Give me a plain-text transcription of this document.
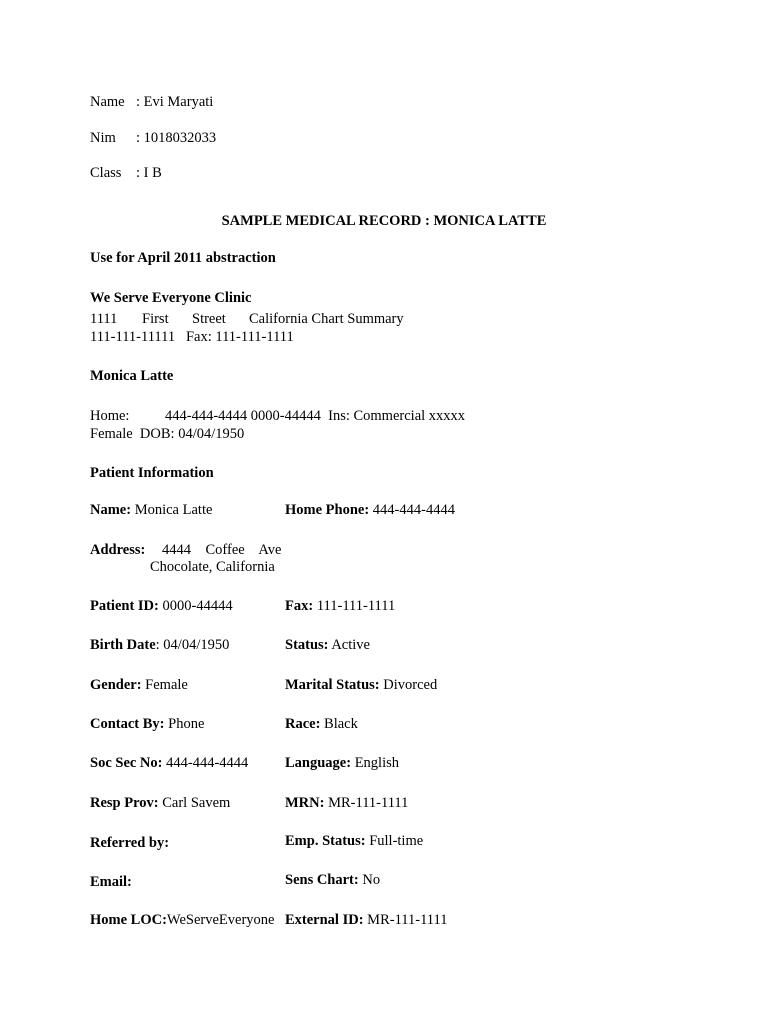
Name : Evi Maryati
Nim : 1018032033
Class : I B
SAMPLE MEDICAL RECORD : MONICA LATTE
Use for April 2011 abstraction
We Serve Everyone Clinic
1111 First Street California Chart Summary
111-111-11111   Fax: 111-111-1111
Monica Latte
Home: 444-444-4444 0000-44444  Ins: Commercial xxxxx
Female  DOB: 04/04/1950
Patient Information
Name: Monica Latte	Home Phone: 444-444-4444
Address: 4444    Coffee    Ave
Chocolate, California
Patient ID: 0000-44444	Fax: 111-111-1111
Birth Date: 04/04/1950	Status: Active
Gender: Female	Marital Status: Divorced
Contact By: Phone	Race: Black
Soc Sec No: 444-444-4444	Language: English
Resp Prov: Carl Savem	MRN: MR-111-1111
Referred by:	Emp. Status: Full-time
Email:	Sens Chart: No
Home LOC:WeServeEveryone External ID: MR-111-1111
